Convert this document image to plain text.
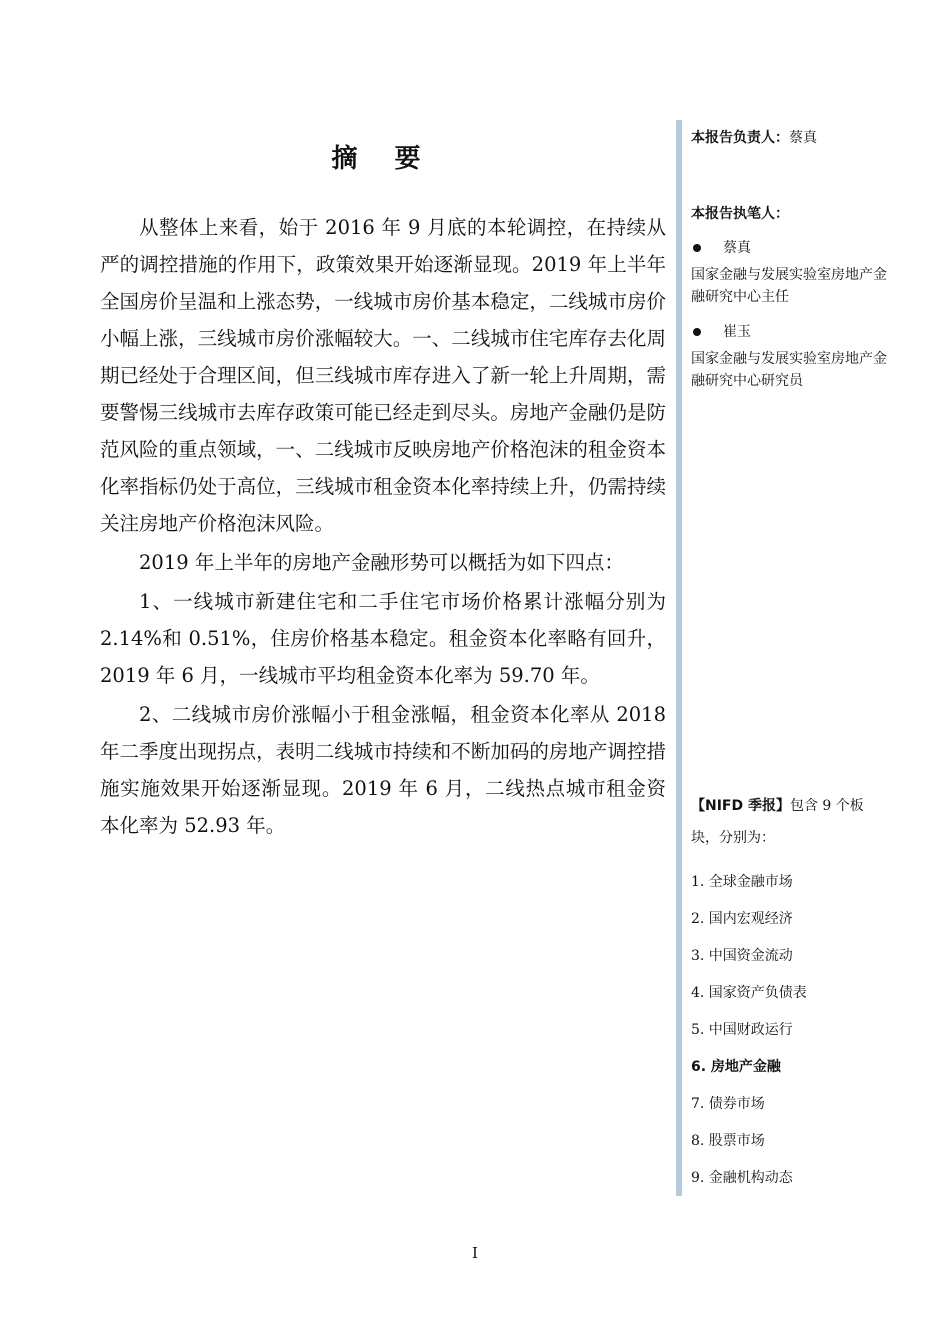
摘 要

从整体上来看，始于 2016 年 9 月底的本轮调控，在持续从严的调控措施的作用下，政策效果开始逐渐显现。2019 年上半年全国房价呈温和上涨态势，一线城市房价基本稳定，二线城市房价小幅上涨，三线城市房价涨幅较大。一、二线城市住宅库存去化周期已经处于合理区间，但三线城市库存进入了新一轮上升周期，需要警惕三线城市去库存政策可能已经走到尽头。房地产金融仍是防范风险的重点领域，一、二线城市反映房地产价格泡沫的租金资本化率指标仍处于高位，三线城市租金资本化率持续上升，仍需持续关注房地产价格泡沫风险。

2019 年上半年的房地产金融形势可以概括为如下四点：

1、一线城市新建住宅和二手住宅市场价格累计涨幅分别为 2.14%和 0.51%，住房价格基本稳定。租金资本化率略有回升，2019 年 6 月，一线城市平均租金资本化率为 59.70 年。

2、二线城市房价涨幅小于租金涨幅，租金资本化率从 2018 年二季度出现拐点，表明二线城市持续和不断加码的房地产调控措施实施效果开始逐渐显现。2019 年 6 月，二线热点城市租金资本化率为 52.93 年。

本报告负责人：蔡真
本报告执笔人：
蔡真
国家金融与发展实验室房地产金融研究中心主任
崔玉
国家金融与发展实验室房地产金融研究中心研究员
【NIFD 季报】包含 9 个板块，分别为：
1. 全球金融市场
2. 国内宏观经济
3. 中国资金流动
4. 国家资产负债表
5. 中国财政运行
6. 房地产金融
7. 债券市场
8. 股票市场
9. 金融机构动态
I
